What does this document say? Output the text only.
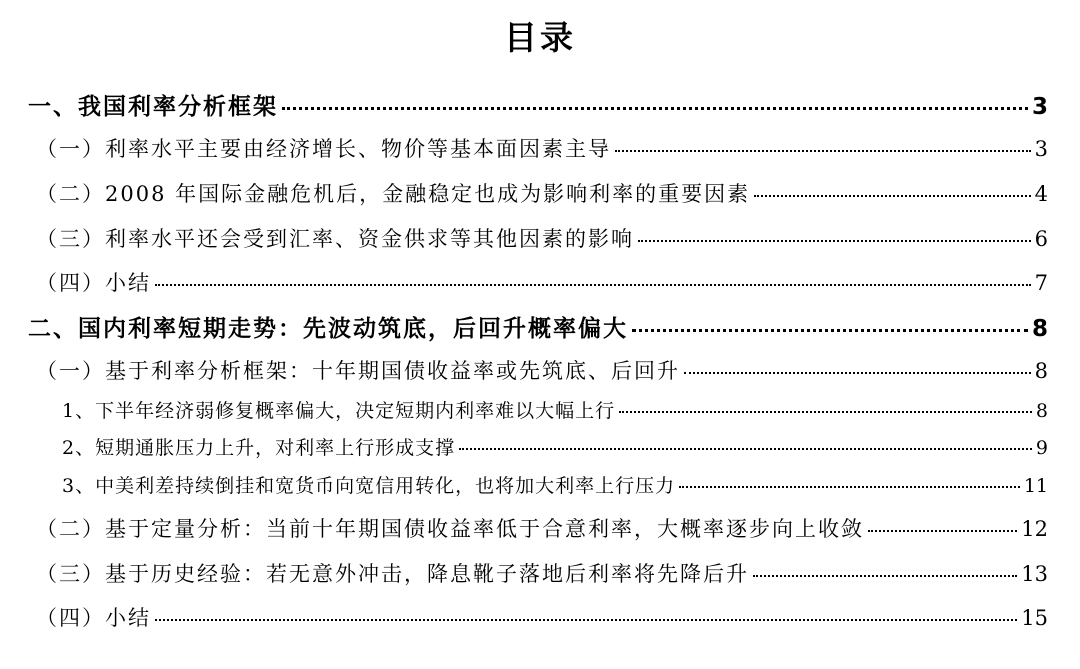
目录
一、我国利率分析框架	3
（一）利率水平主要由经济增长、物价等基本面因素主导	3
（二）2008 年国际金融危机后，金融稳定也成为影响利率的重要因素	4
（三）利率水平还会受到汇率、资金供求等其他因素的影响	6
（四）小结	7
二、国内利率短期走势：先波动筑底，后回升概率偏大	8
（一）基于利率分析框架：十年期国债收益率或先筑底、后回升	8
1、下半年经济弱修复概率偏大，决定短期内利率难以大幅上行	8
2、短期通胀压力上升，对利率上行形成支撑	9
3、中美利差持续倒挂和宽货币向宽信用转化，也将加大利率上行压力	11
（二）基于定量分析：当前十年期国债收益率低于合意利率，大概率逐步向上收敛	12
（三）基于历史经验：若无意外冲击，降息靴子落地后利率将先降后升	13
（四）小结	15
